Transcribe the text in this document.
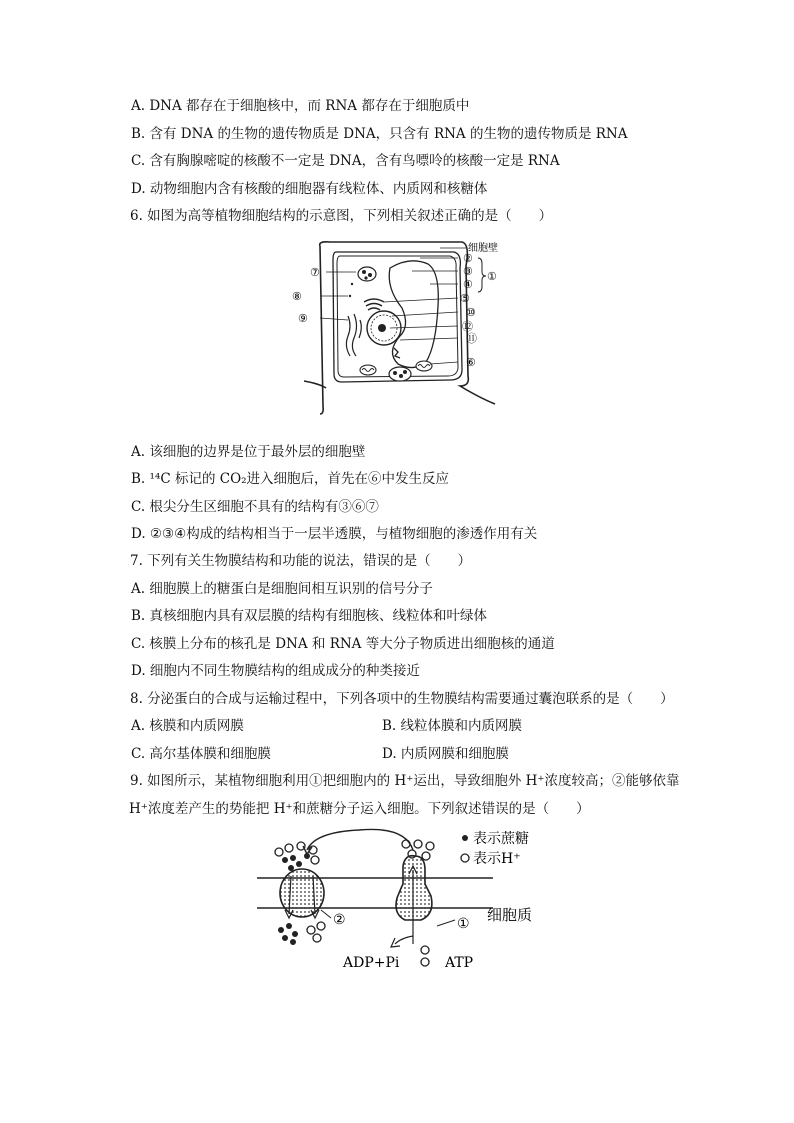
A. DNA 都存在于细胞核中，而 RNA 都存在于细胞质中
B. 含有 DNA 的生物的遗传物质是 DNA，只含有 RNA 的生物的遗传物质是 RNA
C. 含有胸腺嘧啶的核酸不一定是 DNA，含有鸟嘌呤的核酸一定是 RNA
D. 动物细胞内含有核酸的细胞器有线粒体、内质网和核糖体
6. 如图为高等植物细胞结构的示意图，下列相关叙述正确的是（　　）
细胞壁
②
③
④
①
⑤
⑩
⑫
⑪
⑥
⑦
⑧
⑨
A. 该细胞的边界是位于最外层的细胞壁
B. ¹⁴C 标记的 CO₂进入细胞后，首先在⑥中发生反应
C. 根尖分生区细胞不具有的结构有③⑥⑦
D. ②③④构成的结构相当于一层半透膜，与植物细胞的渗透作用有关
7. 下列有关生物膜结构和功能的说法，错误的是（　　）
A. 细胞膜上的糖蛋白是细胞间相互识别的信号分子
B. 真核细胞内具有双层膜的结构有细胞核、线粒体和叶绿体
C. 核膜上分布的核孔是 DNA 和 RNA 等大分子物质进出细胞核的通道
D. 细胞内不同生物膜结构的组成成分的种类接近
8. 分泌蛋白的合成与运输过程中，下列各项中的生物膜结构需要通过囊泡联系的是（　　）
A. 核膜和内质网膜	B. 线粒体膜和内质网膜
C. 高尔基体膜和细胞膜	D. 内质网膜和细胞膜
9. 如图所示，某植物细胞利用①把细胞内的 H⁺运出，导致细胞外 H⁺浓度较高；②能够依靠
H⁺浓度差产生的势能把 H⁺和蔗糖分子运入细胞。下列叙述错误的是（　　）
表示蔗糖
表示H⁺
②	① 细胞质
ADP+Pi	ATP
